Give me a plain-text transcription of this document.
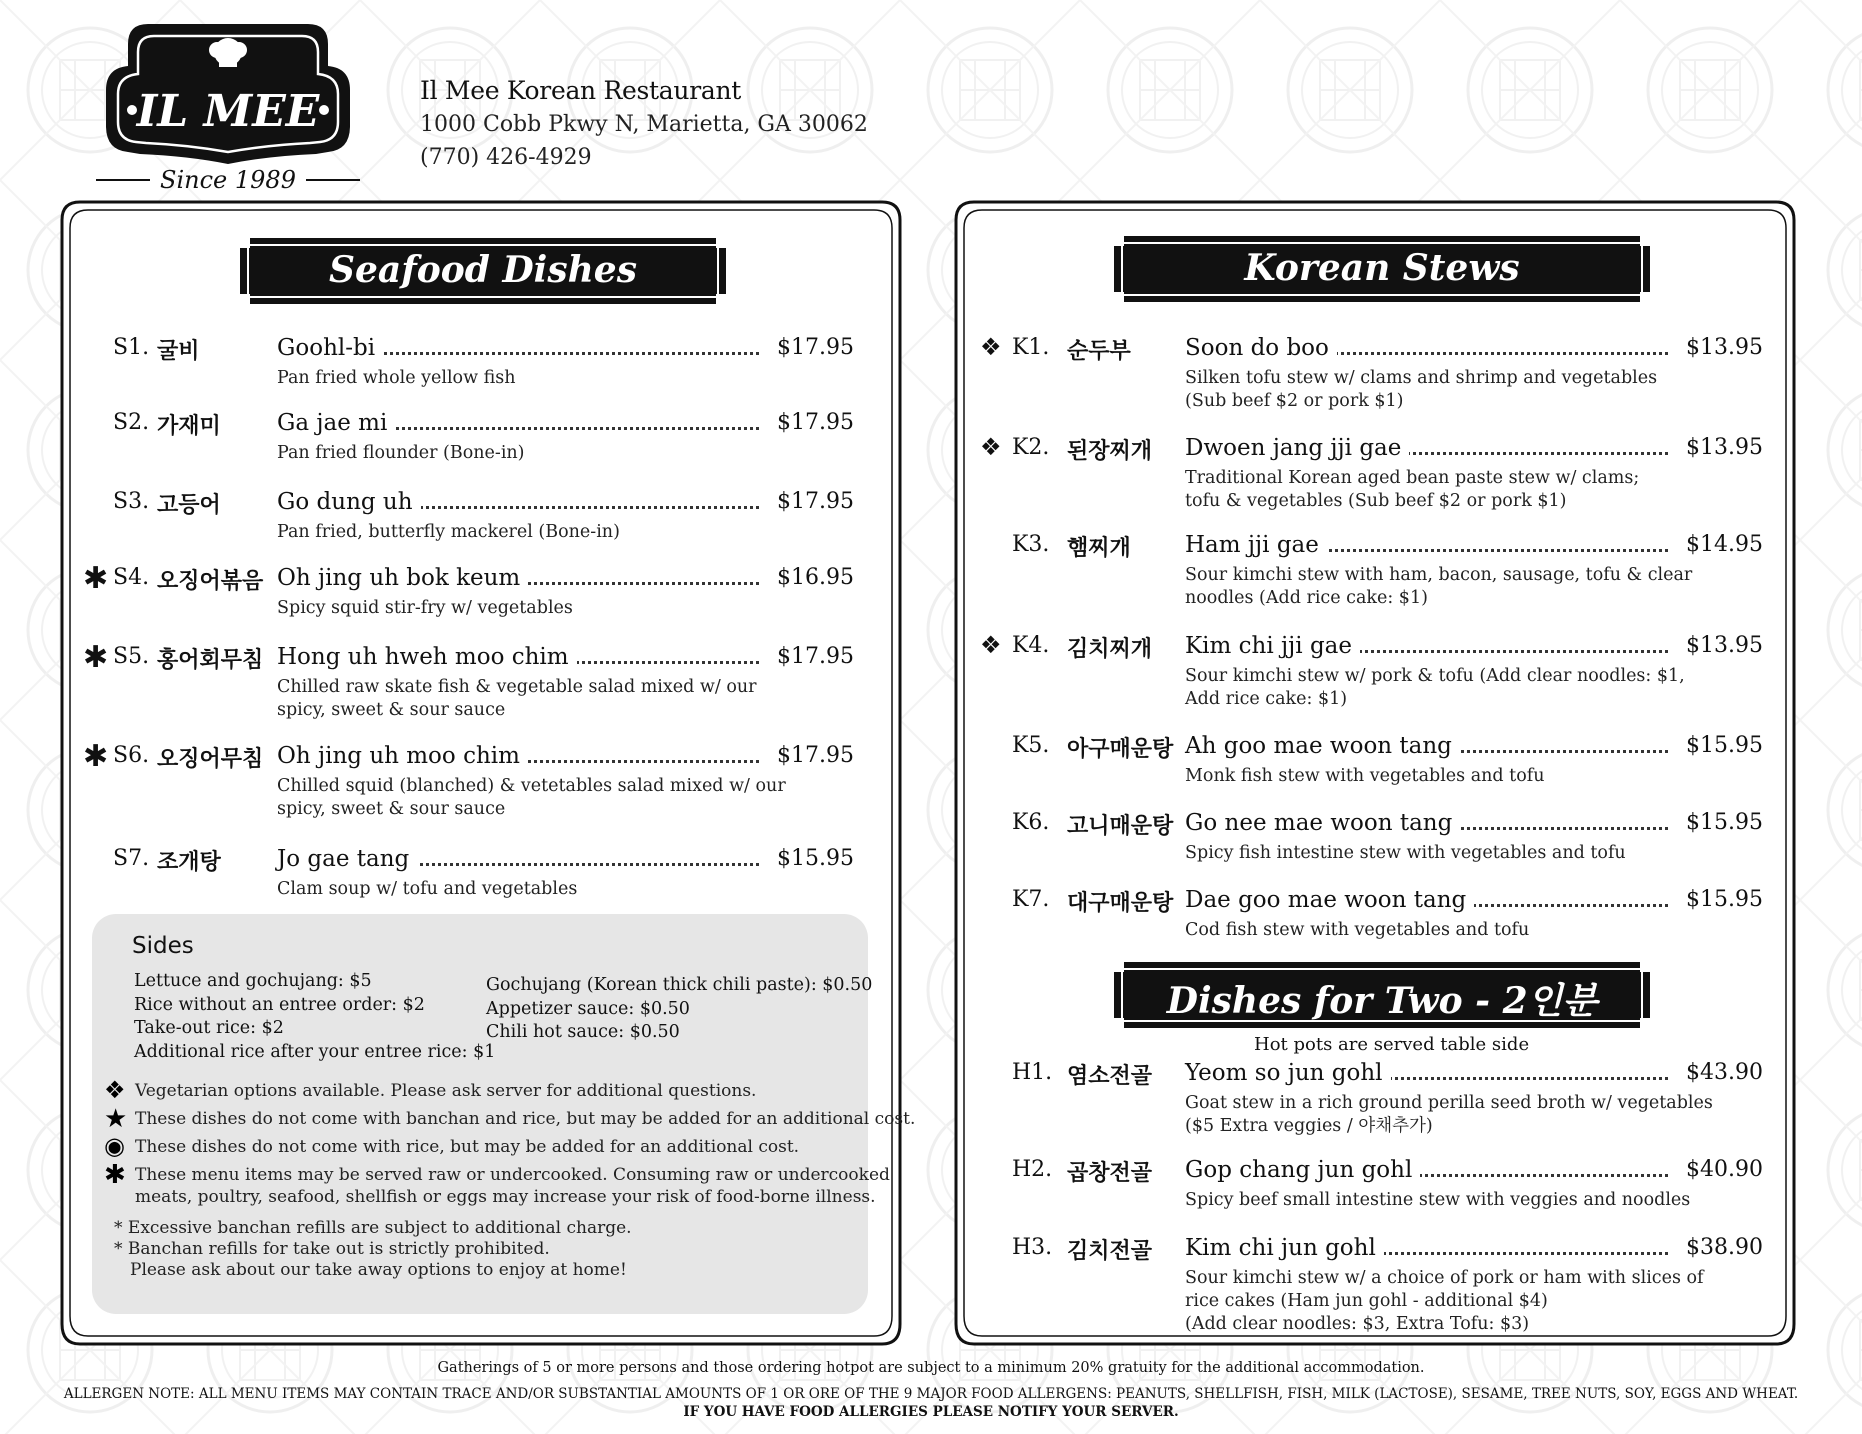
IL MEE
Since 1989
Il Mee Korean Restaurant
1000 Cobb Pkwy N, Marietta, GA 30062
(770) 426-4929
Seafood Dishes	Korean Stews
Dishes for Two - 2인분
Hot pots are served table side
Sides
S1. 굴비	Goohl-bi	$17.95
Pan fried whole yellow fish
S2. 가재미 Ga jae mi	$17.95
Pan fried flounder (Bone-in)
S3. 고등어 Go dung uh	$17.95
Pan fried, butterfly mackerel (Bone-in)
✱ S4. 오징어볶음 Oh jing uh bok keum	$16.95
Spicy squid stir-fry w/ vegetables
✱ S5. 홍어회무침 Hong uh hweh moo chim	$17.95
Chilled raw skate fish & vegetable salad mixed w/ our
spicy, sweet & sour sauce
✱ S6. 오징어무침 Oh jing uh moo chim	$17.95
Chilled squid (blanched) & vetetables salad mixed w/ our
spicy, sweet & sour sauce
S7. 조개탕 Jo gae tang	$15.95
Clam soup w/ tofu and vegetables
❖ K1. 순두부 Soon do boo	$13.95
Silken tofu stew w/ clams and shrimp and vegetables
(Sub beef $2 or pork $1)
❖ K2. 된장찌개 Dwoen jang jji gae	$13.95
Traditional Korean aged bean paste stew w/ clams;
tofu & vegetables (Sub beef $2 or pork $1)
K3. 햄찌개 Ham jji gae	$14.95
Sour kimchi stew with ham, bacon, sausage, tofu & clear
noodles (Add rice cake: $1)
❖ K4. 김치찌개 Kim chi jji gae	$13.95
Sour kimchi stew w/ pork & tofu (Add clear noodles: $1,
Add rice cake: $1)
K5. 아구매운탕 Ah goo mae woon tang	$15.95
Monk fish stew with vegetables and tofu
K6. 고니매운탕 Go nee mae woon tang	$15.95
Spicy fish intestine stew with vegetables and tofu
K7. 대구매운탕 Dae goo mae woon tang	$15.95
Cod fish stew with vegetables and tofu
H1. 염소전골 Yeom so jun gohl	$43.90
Goat stew in a rich ground perilla seed broth w/ vegetables
($5 Extra veggies / 야채추가)
H2. 곱창전골 Gop chang jun gohl	$40.90
Spicy beef small intestine stew with veggies and noodles
H3. 김치전골 Kim chi jun gohl	$38.90
Sour kimchi stew w/ a choice of pork or ham with slices of
rice cakes (Ham jun gohl - additional $4)
(Add clear noodles: $3, Extra Tofu: $3)
Lettuce and gochujang: $5
Rice without an entree order: $2
Take-out rice: $2
Additional rice after your entree rice: $1
Gochujang (Korean thick chili paste): $0.50
Appetizer sauce: $0.50
Chili hot sauce: $0.50
❖ Vegetarian options available. Please ask server for additional questions.
★ These dishes do not come with banchan and rice, but may be added for an additional cost.
◉ These dishes do not come with rice, but may be added for an additional cost.
✱ These menu items may be served raw or undercooked. Consuming raw or undercooked
meats, poultry, seafood, shellfish or eggs may increase your risk of food-borne illness.
* Excessive banchan refills are subject to additional charge.
* Banchan refills for take out is strictly prohibited.
Please ask about our take away options to enjoy at home!
Gatherings of 5 or more persons and those ordering hotpot are subject to a minimum 20% gratuity for the additional accommodation.
ALLERGEN NOTE: ALL MENU ITEMS MAY CONTAIN TRACE AND/OR SUBSTANTIAL AMOUNTS OF 1 OR ORE OF THE 9 MAJOR FOOD ALLERGENS: PEANUTS, SHELLFISH, FISH, MILK (LACTOSE), SESAME, TREE NUTS, SOY, EGGS AND WHEAT.
IF YOU HAVE FOOD ALLERGIES PLEASE NOTIFY YOUR SERVER.
